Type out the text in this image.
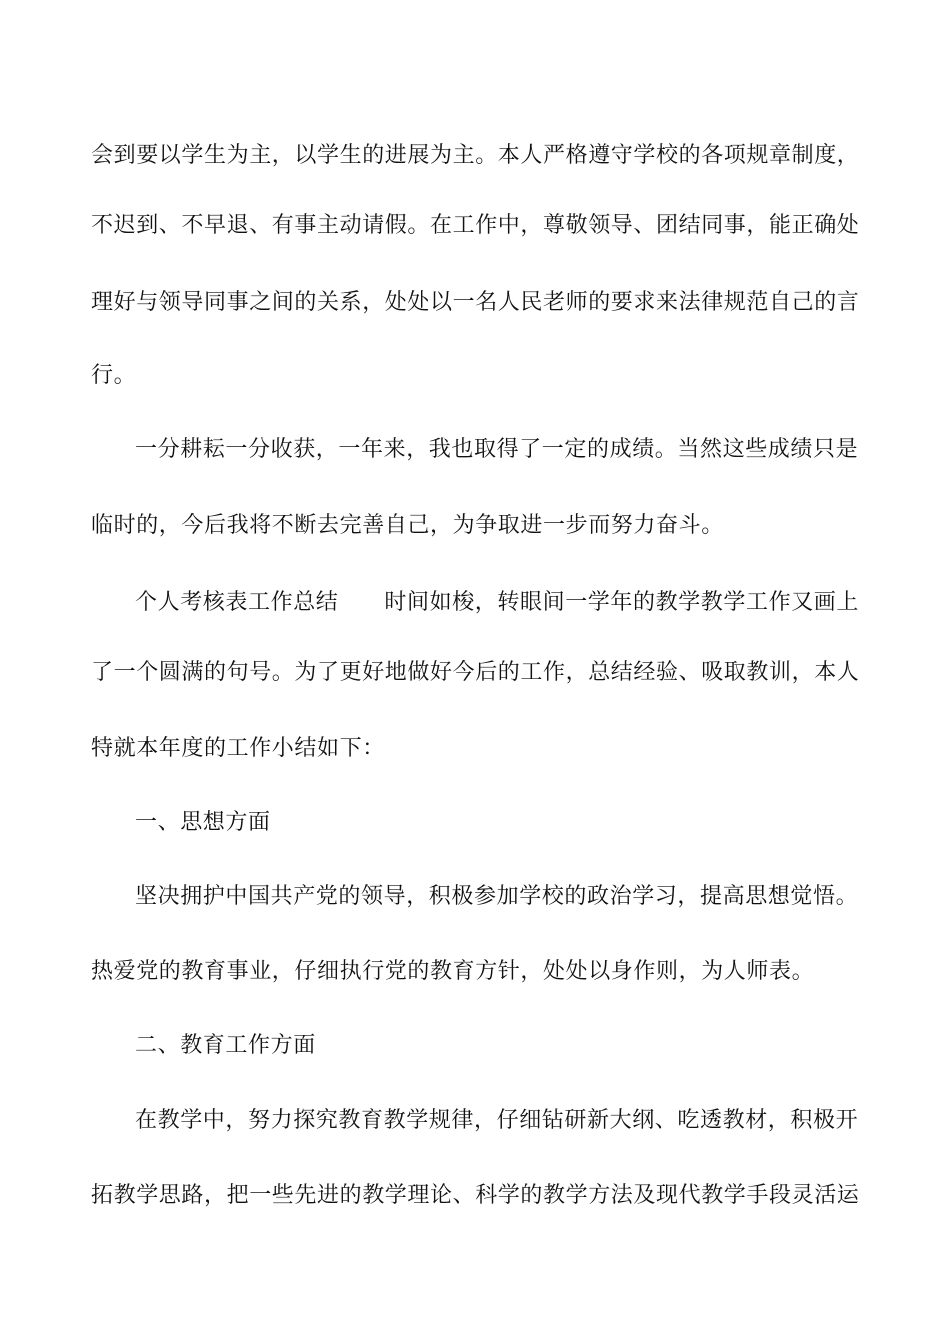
会到要以学生为主，以学生的进展为主。本人严格遵守学校的各项规章制度，
不迟到、不早退、有事主动请假。在工作中，尊敬领导、团结同事，能正确处
理好与领导同事之间的关系，处处以一名人民老师的要求来法律规范自己的言
行。
一分耕耘一分收获，一年来，我也取得了一定的成绩。当然这些成绩只是
临时的，今后我将不断去完善自己，为争取进一步而努力奋斗。
个人考核表工作总结 时间如梭，转眼间一学年的教学教学工作又画上
了一个圆满的句号。为了更好地做好今后的工作，总结经验、吸取教训，本人
特就本年度的工作小结如下：
一、思想方面
坚决拥护中国共产党的领导，积极参加学校的政治学习，提高思想觉悟。
热爱党的教育事业，仔细执行党的教育方针，处处以身作则，为人师表。
二、教育工作方面
在教学中，努力探究教育教学规律，仔细钻研新大纲、吃透教材，积极开
拓教学思路，把一些先进的教学理论、科学的教学方法及现代教学手段灵活运
